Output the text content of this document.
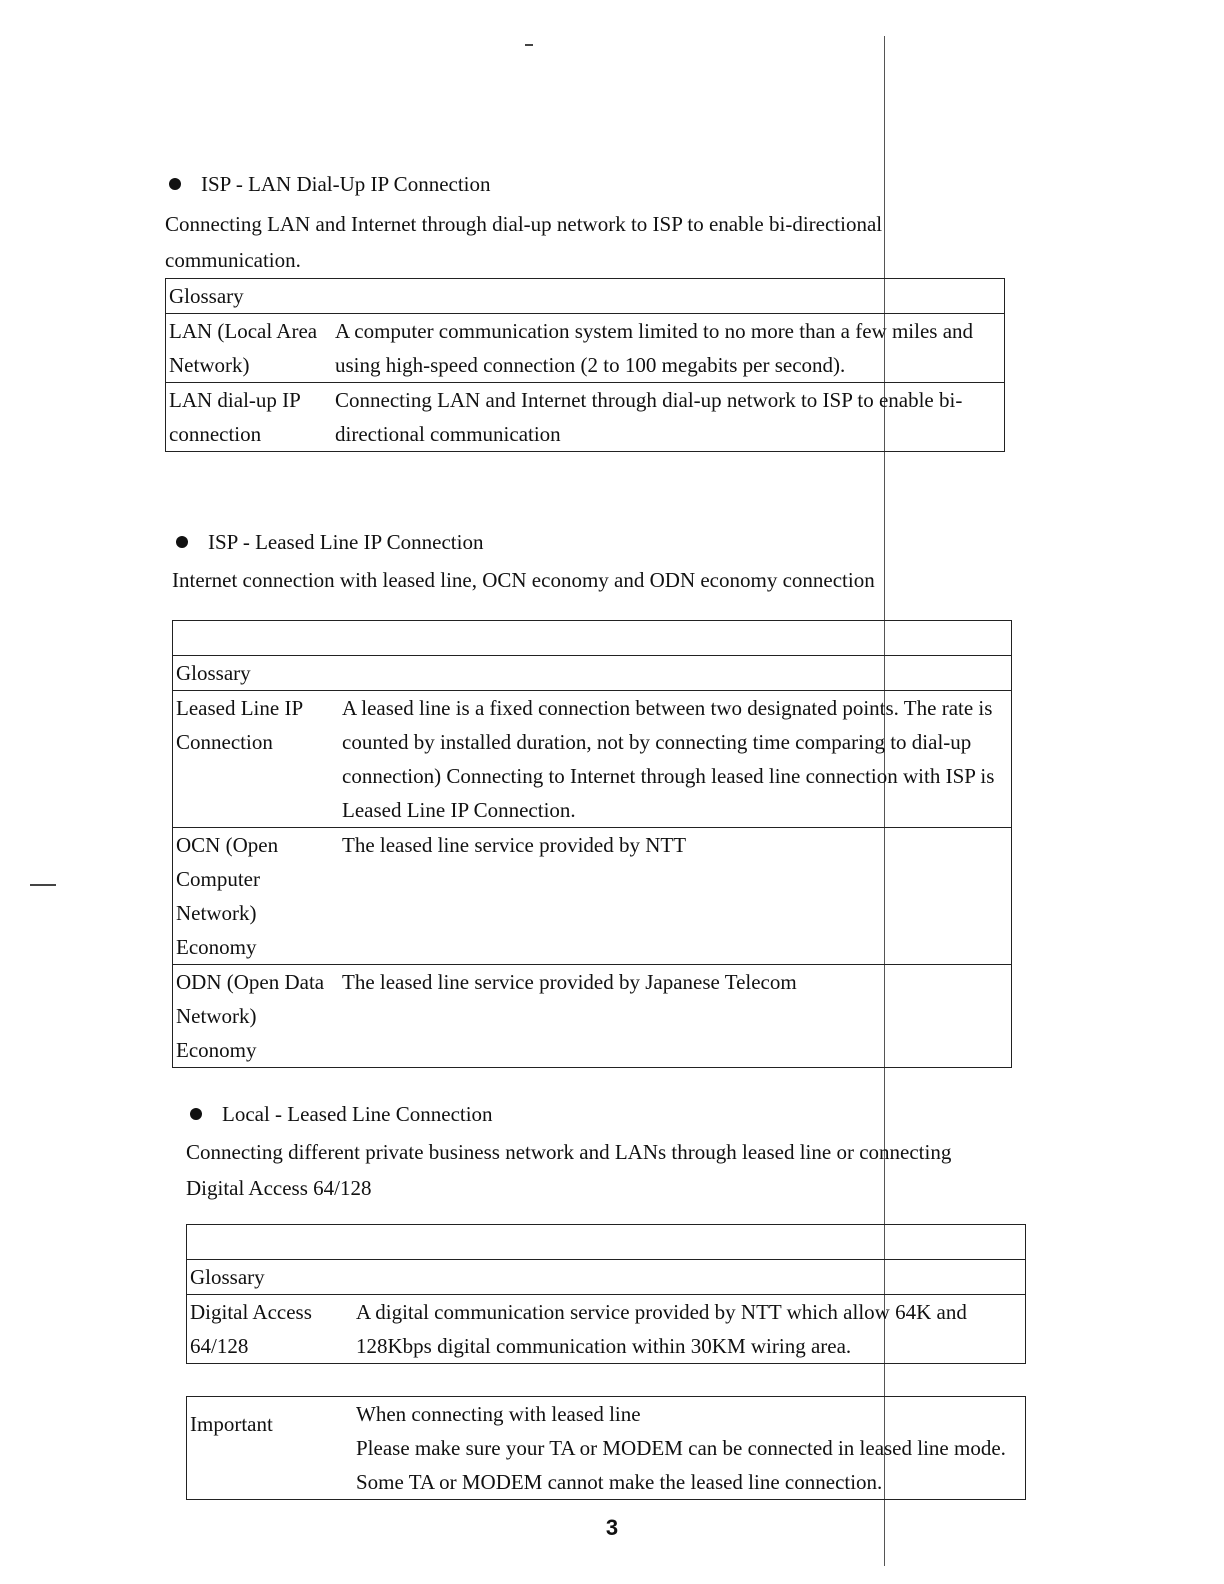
ISP - LAN Dial-Up IP Connection

Connecting LAN and Internet through dial-up network to ISP to enable bi-directional communication.

Glossary	
LAN (Local Area Network)	A computer communication system limited to no more than a few miles and using high-speed connection (2 to 100 megabits per second).
LAN dial-up IP connection	Connecting LAN and Internet through dial-up network to ISP to enable bi-directional communication

ISP - Leased Line IP Connection

Internet connection with leased line, OCN economy and ODN economy connection

Glossary	
Leased Line IP Connection	A leased line is a fixed connection between two designated points. The rate is counted by installed duration, not by connecting time comparing to dial-up connection) Connecting to Internet through leased line connection with ISP is Leased Line IP Connection.
OCN (Open Computer Network) Economy	The leased line service provided by NTT
ODN (Open Data Network) Economy	The leased line service provided by Japanese Telecom

Local - Leased Line Connection

Connecting different private business network and LANs through leased line or connecting Digital Access 64/128

Glossary
Digital Access 64/128	A digital communication service provided by NTT which allow 64K and 128Kbps digital communication within 30KM wiring area.
Important	When connecting with leased line
Please make sure your TA or MODEM can be connected in leased line mode. Some TA or MODEM cannot make the leased line connection.
3
